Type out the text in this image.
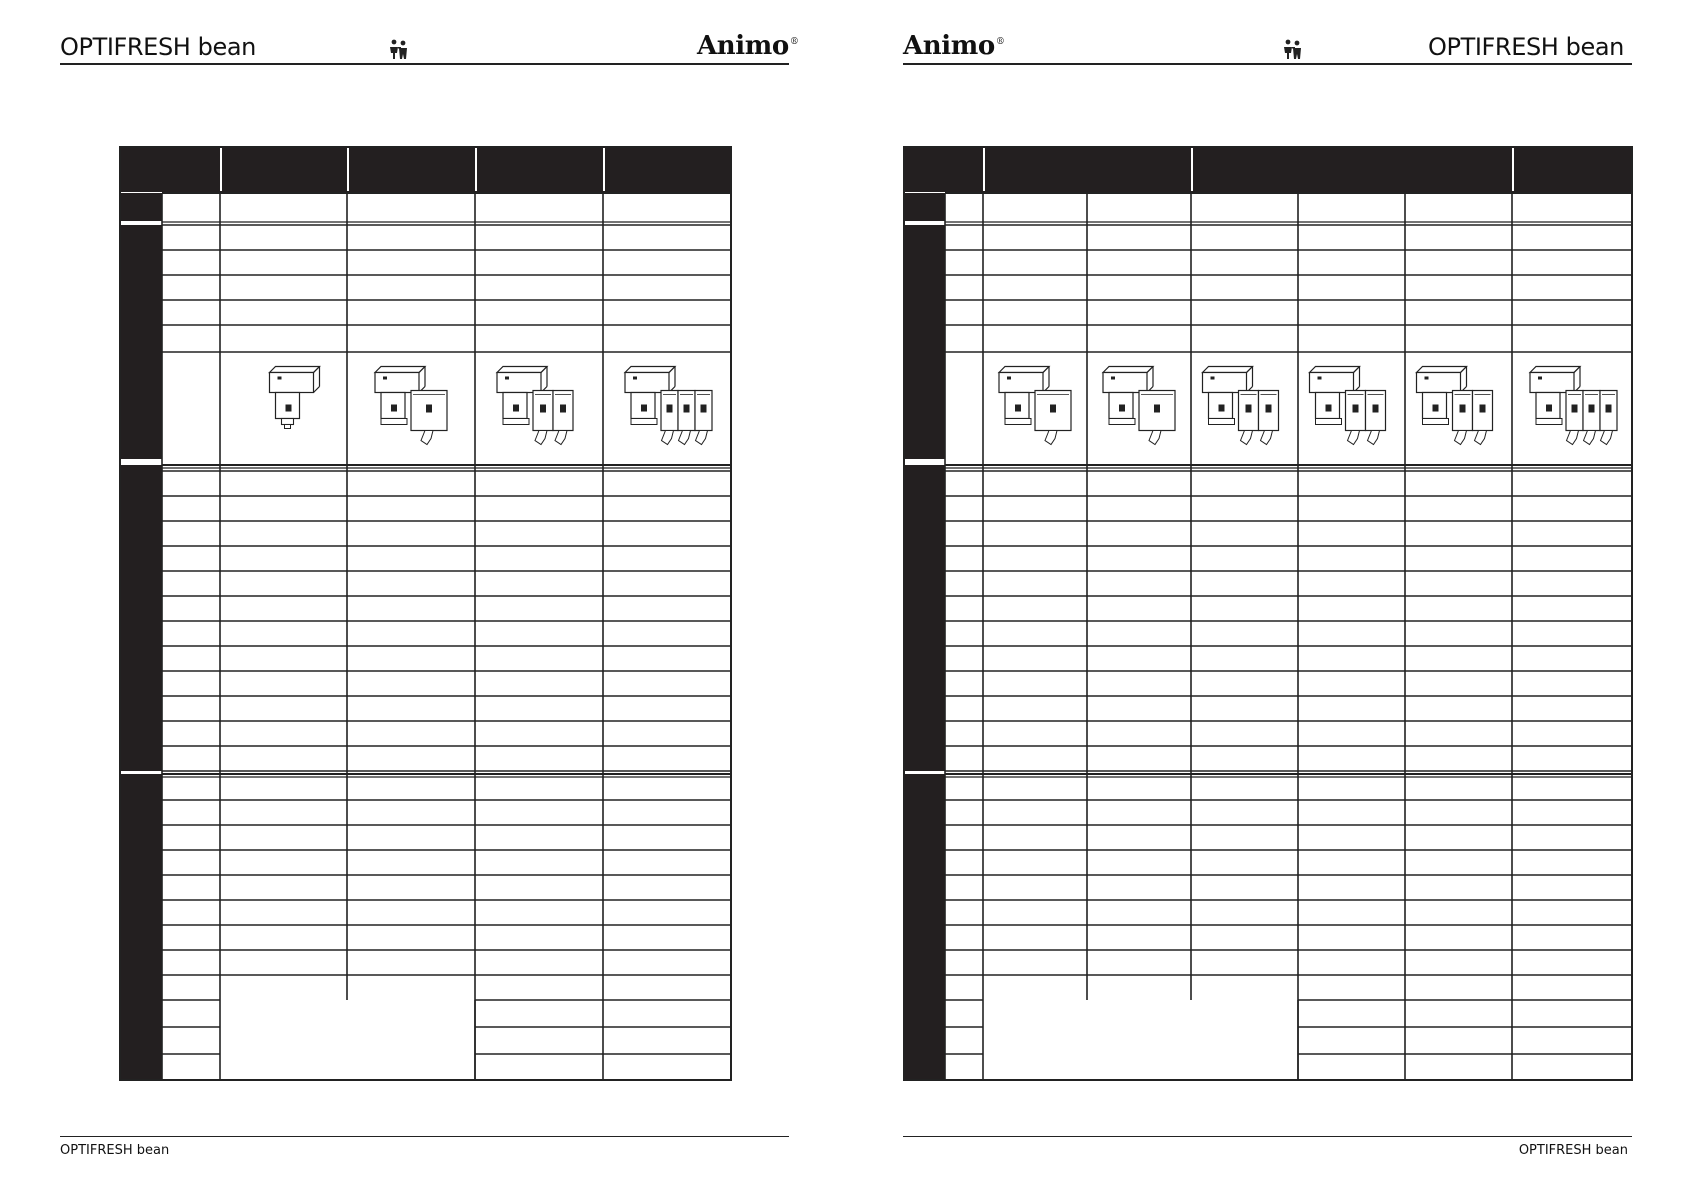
OPTIFRESH bean	Animo®
OPTIFRESH bean
Animo®	OPTIFRESH bean
OPTIFRESH bean
